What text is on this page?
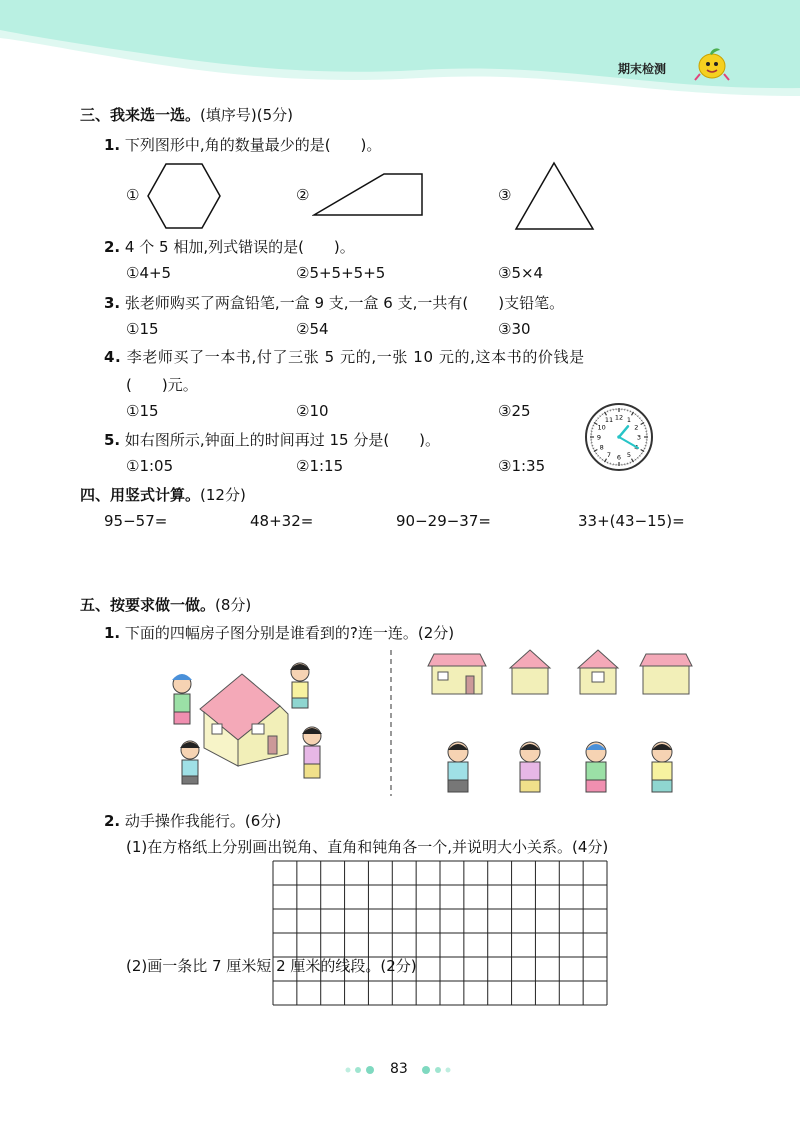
期末检测
三、我来选一选。(填序号)(5分)
1. 下列图形中,角的数量最少的是(　　)。
①	②	③
2. 4 个 5 相加,列式错误的是(　　)。
①4+5	②5+5+5+5	③5×4
3. 张老师购买了两盒铅笔,一盒 9 支,一盒 6 支,一共有(　　)支铅笔。
①15	②54	③30
4. 李老师买了一本书,付了三张 5 元的,一张 10 元的,这本书的价钱是
(　　)元。
①15	②10	③25
5. 如右图所示,钟面上的时间再过 15 分是(　　)。
①1:05	②1:15	③1:35
12 1
2
3
5
6
7
8
9
10
11
四、用竖式计算。(12分)
95−57=	48+32=	90−29−37=	33+(43−15)=
五、按要求做一做。(8分)
1. 下面的四幅房子图分别是谁看到的?连一连。(2分)
2. 动手操作我能行。(6分)
(1)在方格纸上分别画出锐角、直角和钝角各一个,并说明大小关系。(4分)
(2)画一条比 7 厘米短 2 厘米的线段。(2分)
83
